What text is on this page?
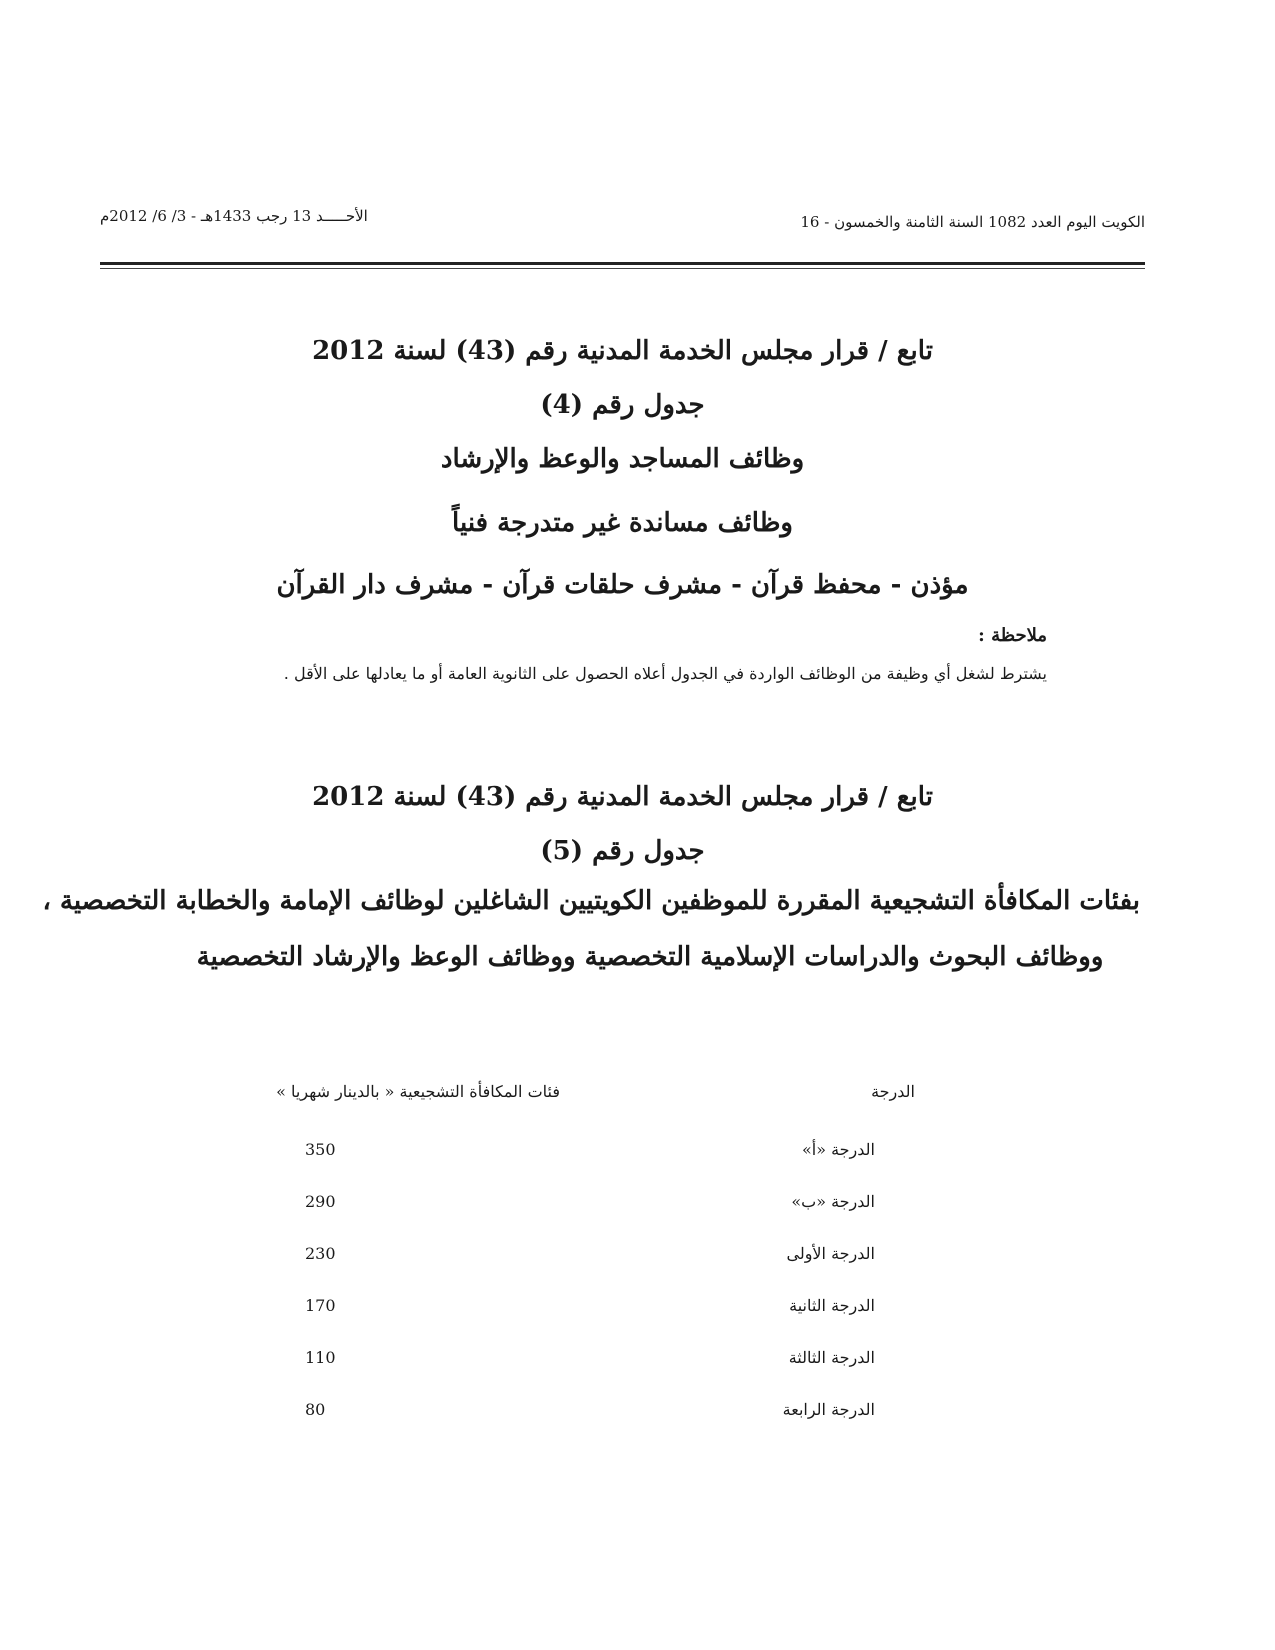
الكويت اليوم العدد 1082 السنة الثامنة والخمسون - 16
الأحـــــد 13 رجب 1433هـ - 3/ 6/ 2012م
تابع / قرار مجلس الخدمة المدنية رقم (43) لسنة 2012
جدول رقم (4)
وظائف المساجد والوعظ والإرشاد
وظائف مساندة غير متدرجة فنياً
مؤذن - محفظ قرآن - مشرف حلقات قرآن - مشرف دار القرآن
ملاحظة :
يشترط لشغل أي وظيفة من الوظائف الواردة في الجدول أعلاه الحصول على الثانوية العامة أو ما يعادلها على الأقل .
تابع / قرار مجلس الخدمة المدنية رقم (43) لسنة 2012
جدول رقم (5)
بفئات المكافأة التشجيعية المقررة للموظفين الكويتيين الشاغلين لوظائف الإمامة والخطابة التخصصية ،
ووظائف البحوث والدراسات الإسلامية التخصصية ووظائف الوعظ والإرشاد التخصصية
الدرجة
فئات المكافأة التشجيعية « بالدينار شهريا »
الدرجة «أ»
350
الدرجة «ب»
290
الدرجة الأولى
230
الدرجة الثانية
170
الدرجة الثالثة
110
الدرجة الرابعة
80
